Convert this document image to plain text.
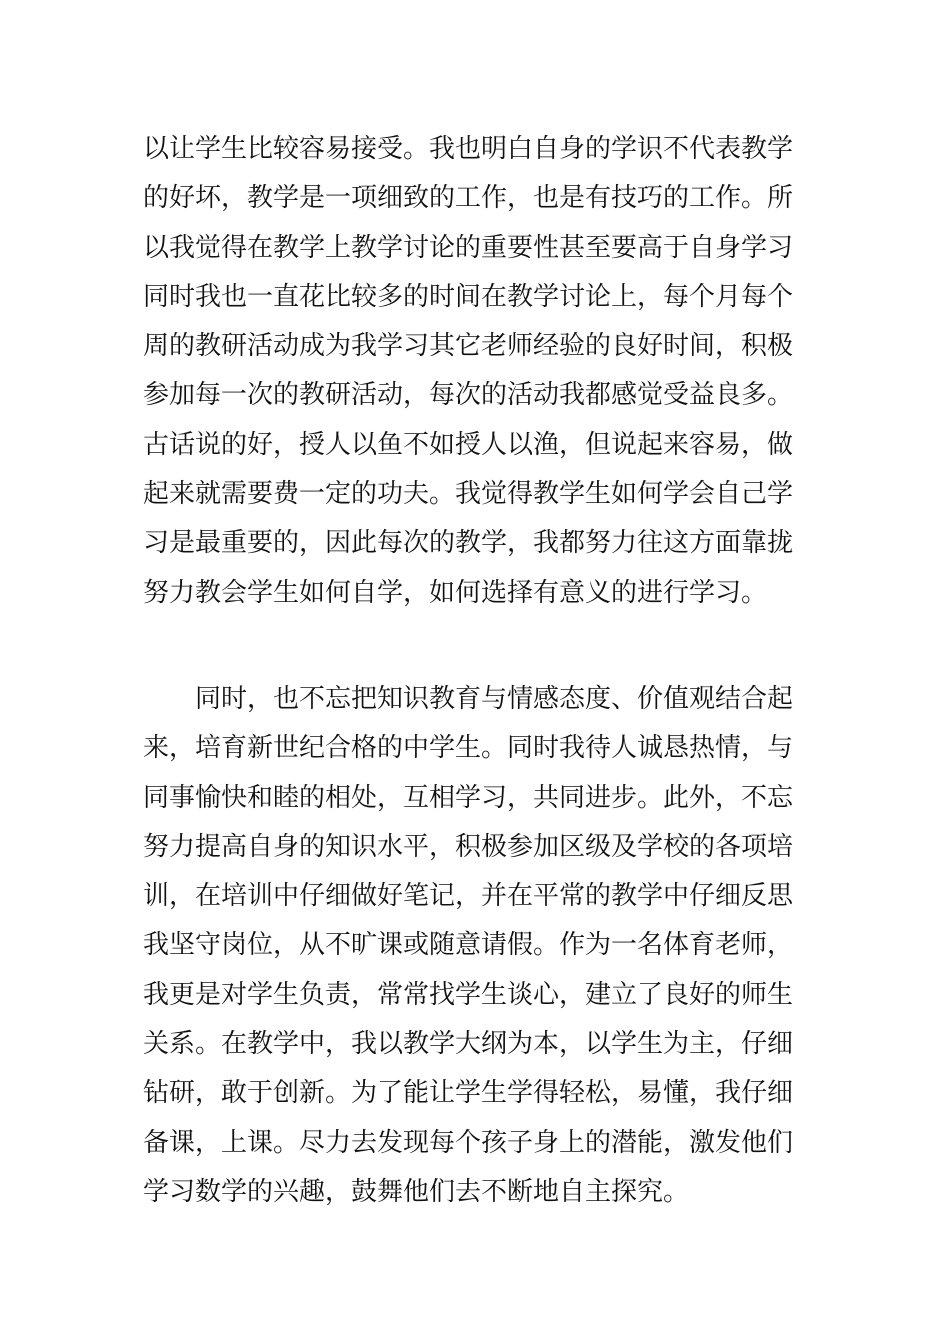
以让学生比较容易接受。我也明白自身的学识不代表教学
的好坏，教学是一项细致的工作，也是有技巧的工作。所
以我觉得在教学上教学讨论的重要性甚至要高于自身学习
同时我也一直花比较多的时间在教学讨论上，每个月每个
周的教研活动成为我学习其它老师经验的良好时间，积极
参加每一次的教研活动，每次的活动我都感觉受益良多。
古话说的好，授人以鱼不如授人以渔，但说起来容易，做
起来就需要费一定的功夫。我觉得教学生如何学会自己学
习是最重要的，因此每次的教学，我都努力往这方面靠拢
努力教会学生如何自学，如何选择有意义的进行学习。
　　同时，也不忘把知识教育与情感态度、价值观结合起
来，培育新世纪合格的中学生。同时我待人诚恳热情，与
同事愉快和睦的相处，互相学习，共同进步。此外，不忘
努力提高自身的知识水平，积极参加区级及学校的各项培
训，在培训中仔细做好笔记，并在平常的教学中仔细反思
我坚守岗位，从不旷课或随意请假。作为一名体育老师，
我更是对学生负责，常常找学生谈心，建立了良好的师生
关系。在教学中，我以教学大纲为本，以学生为主，仔细
钻研，敢于创新。为了能让学生学得轻松，易懂，我仔细
备课，上课。尽力去发现每个孩子身上的潜能，激发他们
学习数学的兴趣，鼓舞他们去不断地自主探究。
